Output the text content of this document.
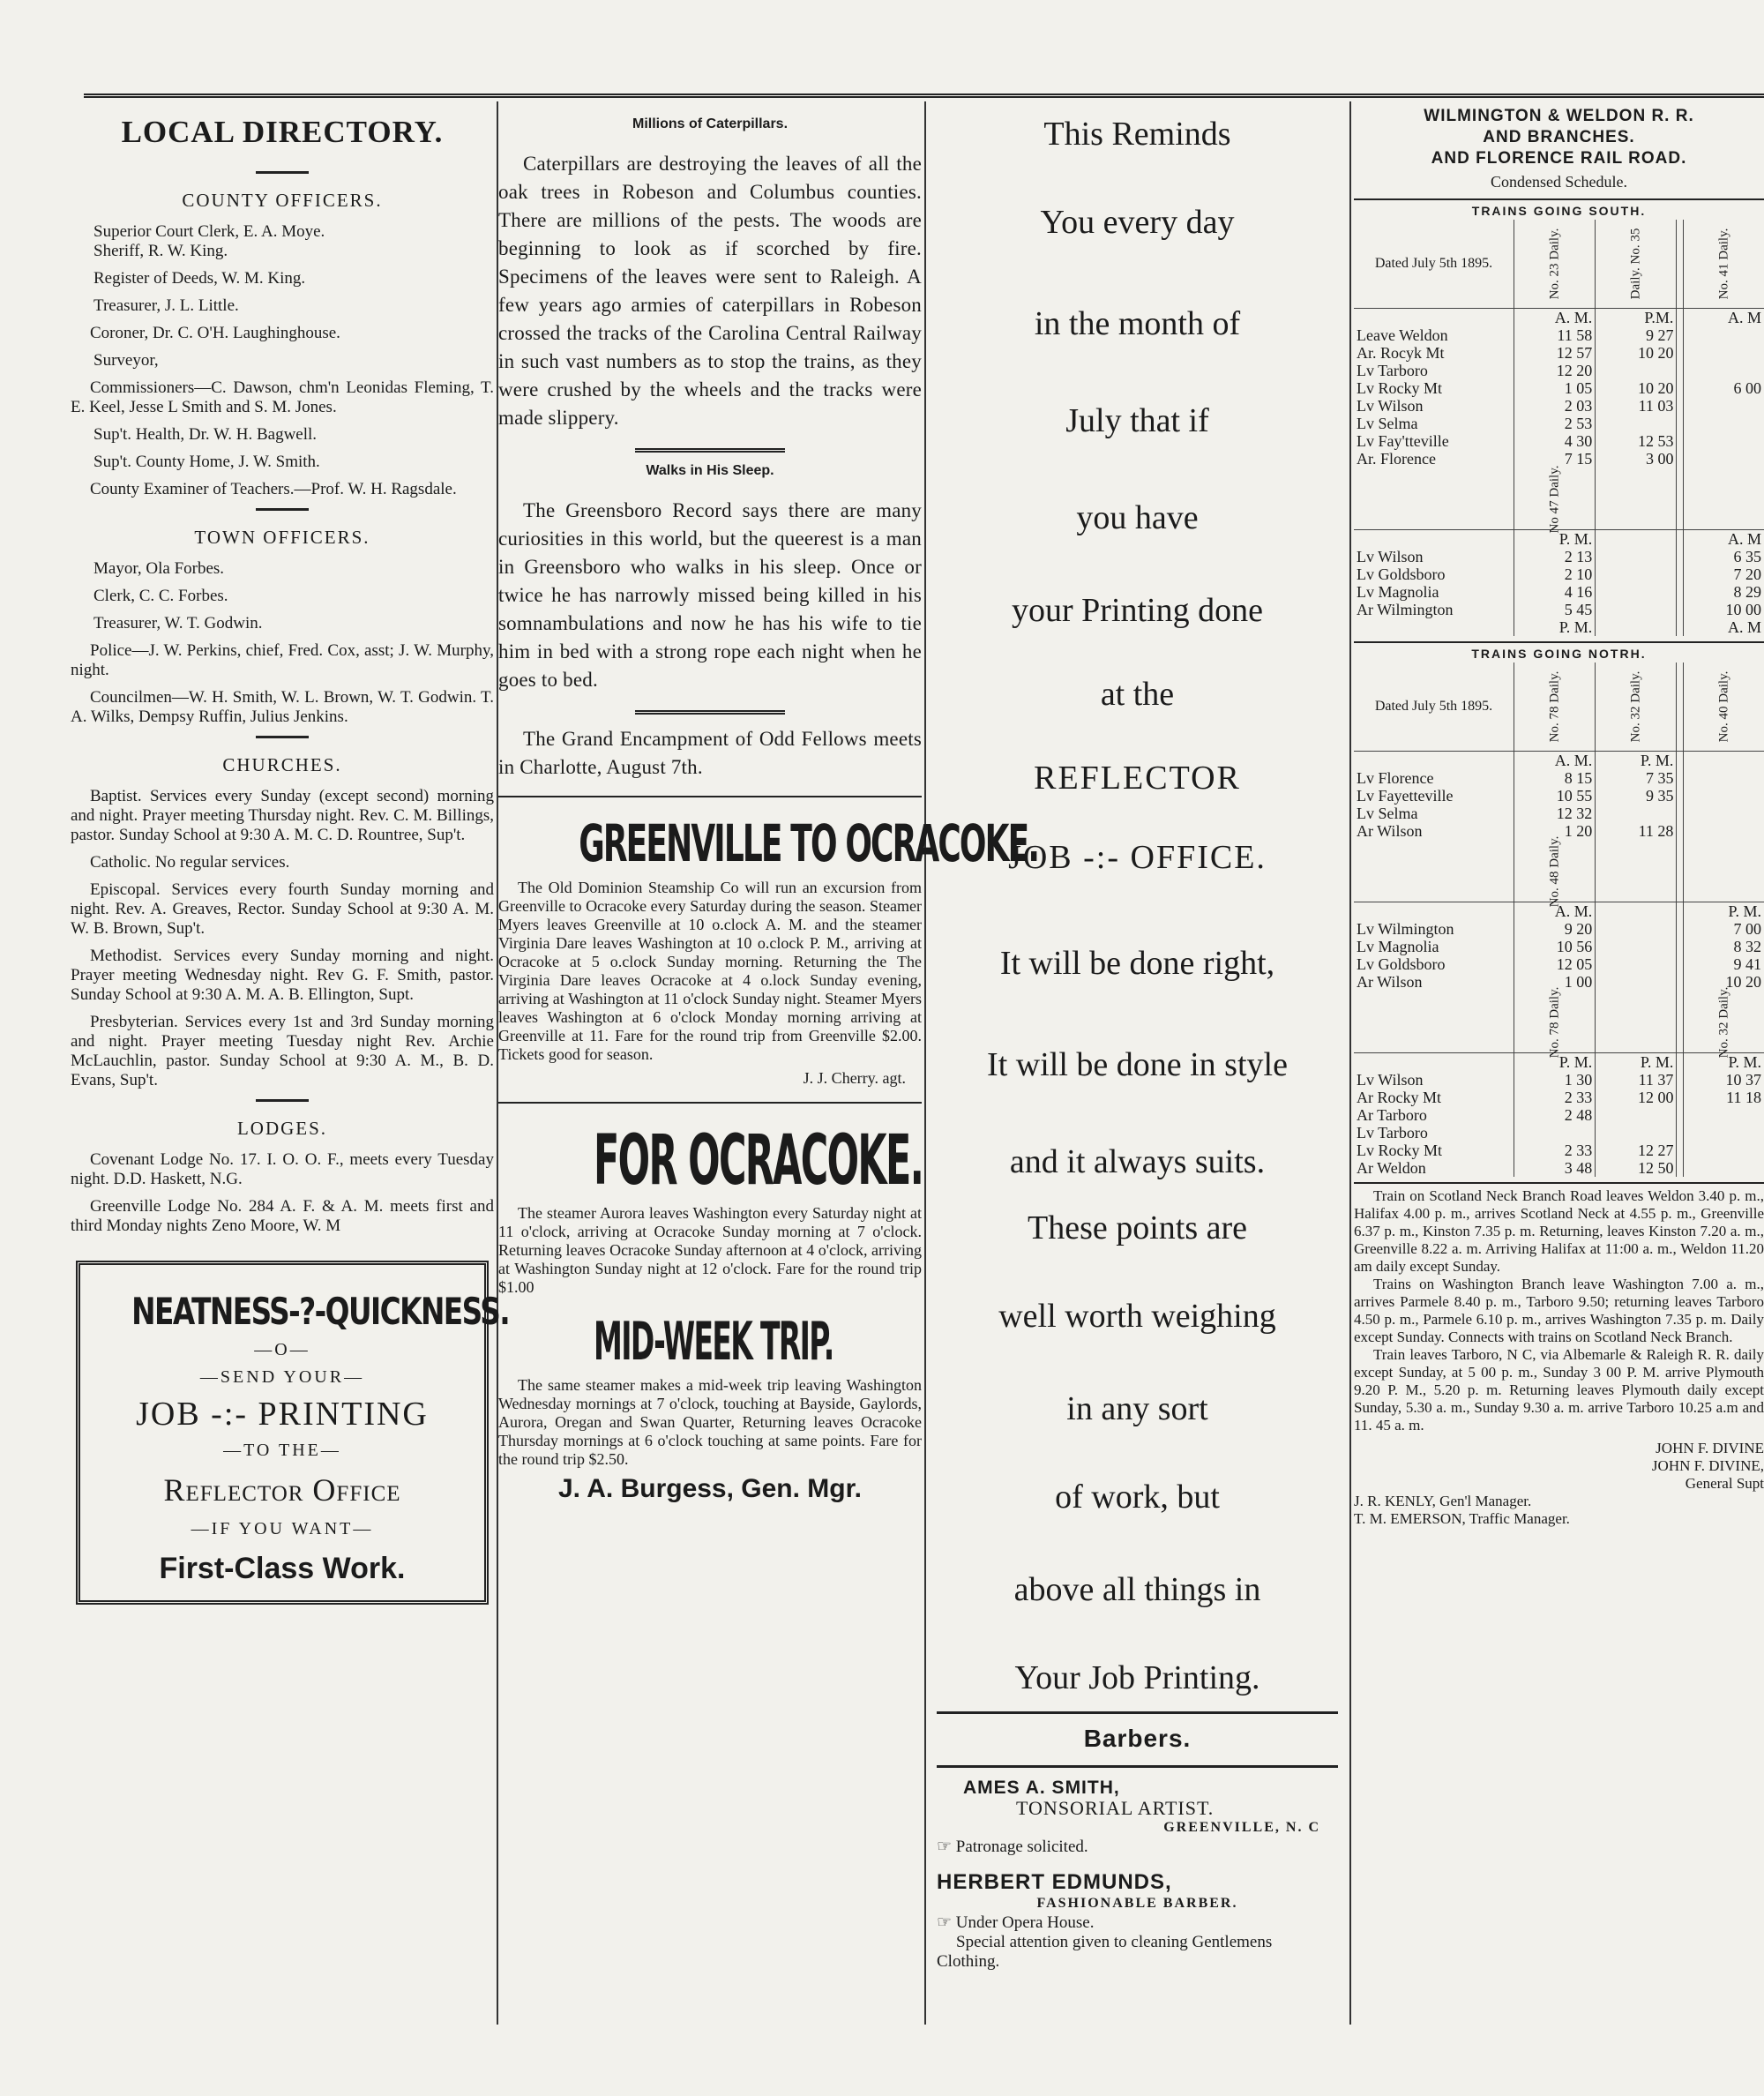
LOCAL DIRECTORY.
COUNTY OFFICERS.

Superior Court Clerk, E. A. Moye.

Sheriff, R. W. King.

Register of Deeds, W. M. King.

Treasurer, J. L. Little.

Coroner, Dr. C. O'H. Laughinghouse.

Surveyor,

Commissioners—C. Dawson, chm'n Leonidas Fleming, T. E. Keel, Jesse L Smith and S. M. Jones.

Sup't. Health, Dr. W. H. Bagwell.

Sup't. County Home, J. W. Smith.

County Examiner of Teachers.—Prof. W. H. Ragsdale.

TOWN OFFICERS.

Mayor, Ola Forbes.

Clerk, C. C. Forbes.

Treasurer, W. T. Godwin.

Police—J. W. Perkins, chief, Fred. Cox, asst; J. W. Murphy, night.

Councilmen—W. H. Smith, W. L. Brown, W. T. Godwin. T. A. Wilks, Dempsy Ruffin, Julius Jenkins.

CHURCHES.

Baptist. Services every Sunday (except second) morning and night. Prayer meeting Thursday night. Rev. C. M. Billings, pastor. Sunday School at 9:30 A. M. C. D. Rountree, Sup't.

Catholic. No regular services.

Episcopal. Services every fourth Sunday morning and night. Rev. A. Greaves, Rector. Sunday School at 9:30 A. M. W. B. Brown, Sup't.

Methodist. Services every Sunday morning and night. Prayer meeting Wednesday night. Rev G. F. Smith, pastor. Sunday School at 9:30 A. M. A. B. Ellington, Supt.

Presbyterian. Services every 1st and 3rd Sunday morning and night. Prayer meeting Tuesday night Rev. Archie McLauchlin, pastor. Sunday School at 9:30 A. M., B. D. Evans, Sup't.

LODGES.

Covenant Lodge No. 17. I. O. O. F., meets every Tuesday night. D.D. Haskett, N.G.

Greenville Lodge No. 284 A. F. & A. M. meets first and third Monday nights Zeno Moore, W. M

NEATNESS-?-QUICKNESS.
—O—
—SEND YOUR—
JOB -:- PRINTING
—TO THE—
Reflector Office
—IF YOU WANT—
First-Class Work.
Millions of Caterpillars.

Caterpillars are destroying the leaves of all the oak trees in Robeson and Columbus counties. There are millions of the pests. The woods are beginning to look as if scorched by fire. Specimens of the leaves were sent to Raleigh. A few years ago armies of caterpillars in Robeson crossed the tracks of the Carolina Central Railway in such vast numbers as to stop the trains, as they were crushed by the wheels and the tracks were made slippery.

Walks in His Sleep.

The Greensboro Record says there are many curiosities in this world, but the queerest is a man in Greensboro who walks in his sleep. Once or twice he has narrowly missed being killed in his somnambulations and now he has his wife to tie him in bed with a strong rope each night when he goes to bed.

The Grand Encampment of Odd Fellows meets in Charlotte, August 7th.

GREENVILLE TO OCRACOKE.

The Old Dominion Steamship Co will run an excursion from Greenville to Ocracoke every Saturday during the season. Steamer Myers leaves Greenville at 10 o.clock A. M. and the steamer Virginia Dare leaves Washington at 10 o.clock P. M., arriving at Ocracoke at 5 o.clock Sunday morning. Returning the The Virginia Dare leaves Ocracoke at 4 o.lock Sunday evening, arriving at Washington at 11 o'clock Sunday night. Steamer Myers leaves Washington at 6 o'clock Monday morning arriving at Greenville at 11. Fare for the round trip from Greenville $2.00. Tickets good for season.

J. J. Cherry. agt.
FOR OCRACOKE.

The steamer Aurora leaves Washington every Saturday night at 11 o'clock, arriving at Ocracoke Sunday morning at 7 o'clock. Returning leaves Ocracoke Sunday afternoon at 4 o'clock, arriving at Washington Sunday night at 12 o'clock. Fare for the round trip $1.00

MID-WEEK TRIP.

The same steamer makes a mid-week trip leaving Washington Wednesday mornings at 7 o'clock, touching at Bayside, Gaylords, Aurora, Oregan and Swan Quarter, Returning leaves Ocracoke Thursday mornings at 6 o'clock touching at same points. Fare for the round trip $2.50.

J. A. Burgess, Gen. Mgr.
This Reminds
You every day
in the month of
July that if
you have
your Printing done
at the
REFLECTOR
JOB -:- OFFICE.
It will be done right,
It will be done in style
and it always suits.
These points are
well worth weighing
in any sort
of work, but
above all things in
Your Job Printing.
Barbers.

AMES A. SMITH,

TONSORIAL ARTIST.

GREENVILLE, N. C

☞ Patronage solicited.

HERBERT EDMUNDS,

FASHIONABLE BARBER.

☞ Under Opera House.

Special attention given to cleaning Gentlemens Clothing.

WILMINGTON & WELDON R. R.
AND BRANCHES.
AND FLORENCE RAIL ROAD.
Condensed Schedule.
TRAINS GOING SOUTH.
Dated July 5th 1895.	No. 23 Daily.	Daily. No. 35		No. 41 Daily.
	A. M.	P.M.		A. M
Leave Weldon	11 58	9 27		
Ar. Rocyk Mt	12 57	10 20		
Lv Tarboro	12 20			
Lv Rocky Mt	1 05	10 20		6 00
Lv Wilson	2 03	11 03		
Lv Selma	2 53			
Lv Fay'tteville	4 30	12 53		
Ar. Florence	7 15	3 00		
	No 47 Daily.			
	P. M.			A. M
Lv Wilson	2 13			6 35
Lv Goldsboro	2 10			7 20
Lv Magnolia	4 16			8 29
Ar Wilmington	5 45			10 00
	P. M.			A. M
TRAINS GOING NOTRH.
Dated July 5th 1895.	No. 78 Daily.	No. 32 Daily.		No. 40 Daily.
	A. M.	P. M.		
Lv Florence	8 15	7 35		
Lv Fayetteville	10 55	9 35		
Lv Selma	12 32			
Ar Wilson	1 20	11 28		
	No. 48 Daily.			
	A. M.			P. M.
Lv Wilmington	9 20			7 00
Lv Magnolia	10 56			8 32
Lv Goldsboro	12 05			9 41
Ar Wilson	1 00			10 20
	No. 78 Daily.			No. 32 Daily.
	P. M.	P. M.		P. M.
Lv Wilson	1 30	11 37		10 37
Ar Rocky Mt	2 33	12 00		11 18
Ar Tarboro	2 48			
Lv Tarboro				
Lv Rocky Mt	2 33	12 27		
Ar Weldon	3 48	12 50		

Train on Scotland Neck Branch Road leaves Weldon 3.40 p. m., Halifax 4.00 p. m., arrives Scotland Neck at 4.55 p. m., Greenville 6.37 p. m., Kinston 7.35 p. m. Returning, leaves Kinston 7.20 a. m., Greenville 8.22 a. m. Arriving Halifax at 11:00 a. m., Weldon 11.20 am daily except Sunday.

Trains on Washington Branch leave Washington 7.00 a. m., arrives Parmele 8.40 p. m., Tarboro 9.50; returning leaves Tarboro 4.50 p. m., Parmele 6.10 p. m., arrives Washington 7.35 p. m. Daily except Sunday. Connects with trains on Scotland Neck Branch.

Train leaves Tarboro, N C, via Albemarle & Raleigh R. R. daily except Sunday, at 5 00 p. m., Sunday 3 00 P. M. arrive Plymouth 9.20 P. M., 5.20 p. m. Returning leaves Plymouth daily except Sunday, 5.30 a. m., Sunday 9.30 a. m. arrive Tarboro 10.25 a.m and 11. 45 a. m.

JOHN F. DIVINE

JOHN F. DIVINE,

General Supt

J. R. KENLY, Gen'l Manager.

T. M. EMERSON, Traffic Manager.
